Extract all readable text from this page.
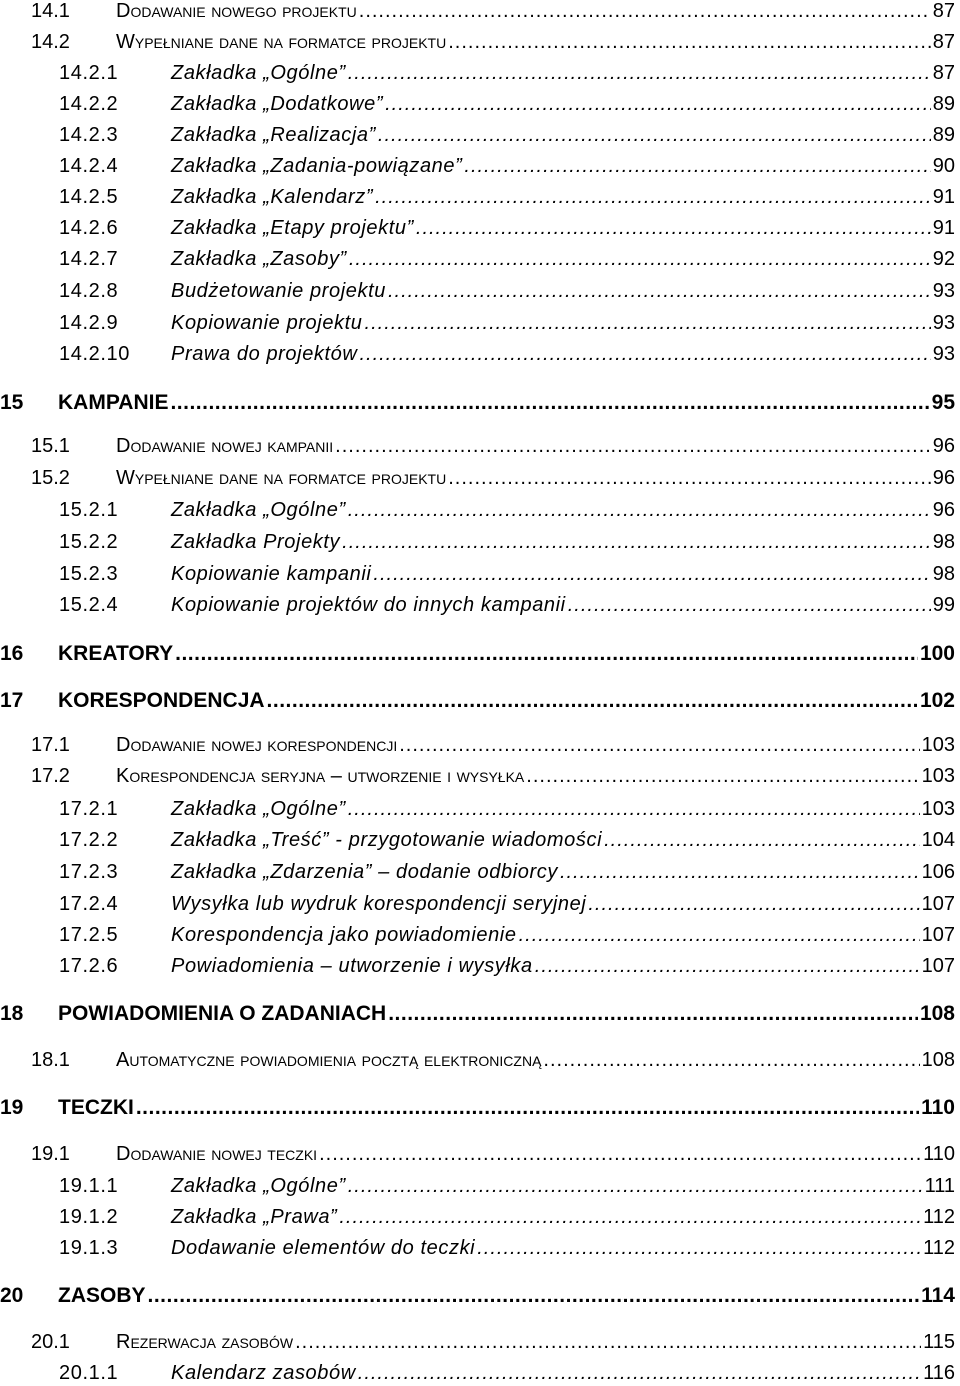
14.1	Dodawanie nowego projektu .....	87
14.2	Wypełniane dane na formatce projektu .....	87
14.2.1	Zakładka „Ogólne” .....	87
14.2.2	Zakładka „Dodatkowe” .....	89
14.2.3	Zakładka „Realizacja” .....	89
14.2.4	Zakładka „Zadania-powiązane” .....	90
14.2.5	Zakładka „Kalendarz” .....	91
14.2.6	Zakładka „Etapy projektu” .....	91
14.2.7	Zakładka „Zasoby” .....	92
14.2.8	Budżetowanie projektu .....	93
14.2.9	Kopiowanie projektu .....	93
14.2.10	Prawa do projektów .....	93
15	KAMPANIE .....	95
15.1	Dodawanie nowej kampanii .....	96
15.2	Wypełniane dane na formatce projektu .....	96
15.2.1	Zakładka „Ogólne” .....	96
15.2.2	Zakładka Projekty .....	98
15.2.3	Kopiowanie kampanii .....	98
15.2.4	Kopiowanie projektów do innych kampanii .....	99
16	KREATORY .....	100
17	KORESPONDENCJA .....	102
17.1	Dodawanie nowej korespondencji .....	103
17.2	Korespondencja seryjna – utworzenie i wysyłka .....	103
17.2.1	Zakładka „Ogólne” .....	103
17.2.2	Zakładka „Treść” - przygotowanie wiadomości .....	104
17.2.3	Zakładka „Zdarzenia” – dodanie odbiorcy .....	106
17.2.4	Wysyłka lub wydruk korespondencji seryjnej .....	107
17.2.5	Korespondencja jako powiadomienie .....	107
17.2.6	Powiadomienia – utworzenie i wysyłka .....	107
18	POWIADOMIENIA O ZADANIACH .....	108
18.1	Automatyczne powiadomienia pocztą elektroniczną .....	108
19	TECZKI .....	110
19.1	Dodawanie nowej teczki .....	110
19.1.1	Zakładka „Ogólne” .....	111
19.1.2	Zakładka „Prawa” .....	112
19.1.3	Dodawanie elementów do teczki .....	112
20	ZASOBY .....	114
20.1	Rezerwacja zasobów .....	115
20.1.1	Kalendarz zasobów .....	116
